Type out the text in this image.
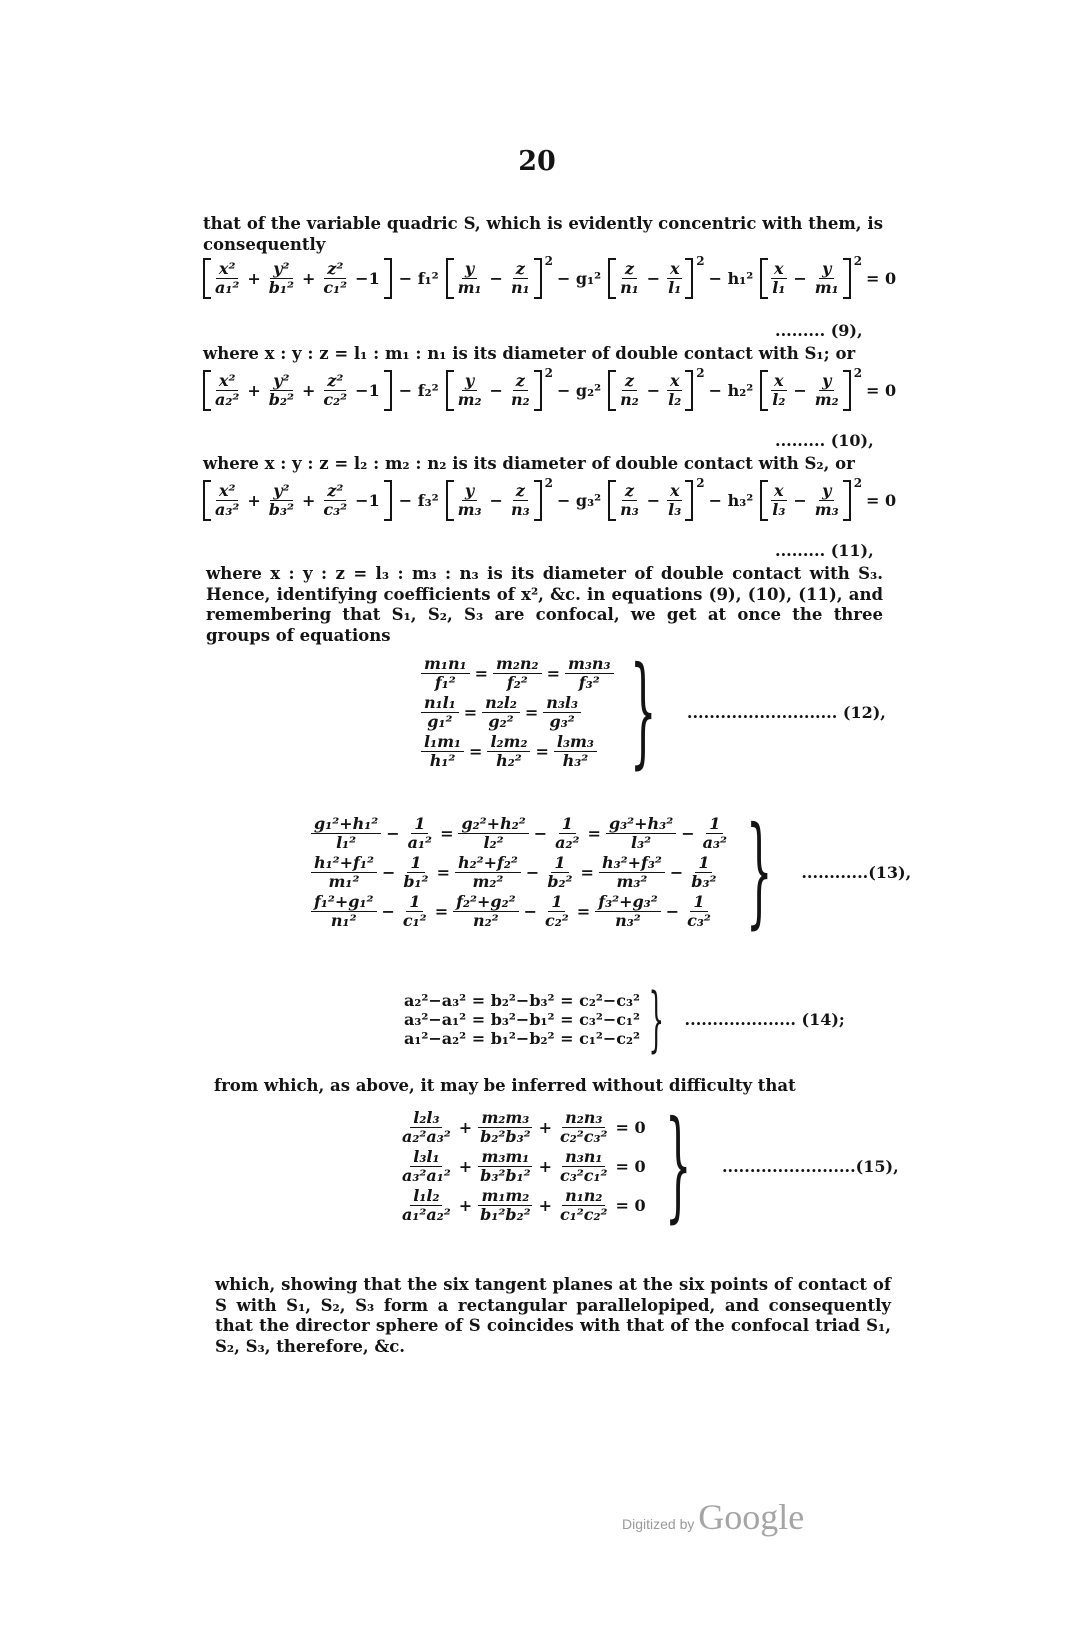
20
that of the variable quadric S, which is evidently concentric with them, is consequently
$\frac{\text{x²}}{\text{a₁²}} + \frac{\text{y²}}{\text{b₁²}} + \frac{\text{z²}}{\text{c₁²}} -1 - f_1^2 \frac{y}{\text{m₁}} - \frac{z}{\text{n₁}} 2$
− $g_1^2 \frac{z}{\text{n₁}} - \frac{x}{\text{l₁}} 2$
− $h_1^2 \frac{x}{\text{l₁}} - \frac{y}{\text{m₁}} 2$
= 0
......... (9),
where x : y : z = l₁ : m₁ : n₁ is its diameter of double contact with S₁; or
$\frac{\text{x²}}{\text{a₂²}} + \frac{\text{y²}}{\text{b₂²}} + \frac{\text{z²}}{\text{c₂²}} -1 - f_2^2 \frac{y}{\text{m₂}} - \frac{z}{\text{n₂}} 2$
− $g_2^2 \frac{z}{\text{n₂}} - \frac{x}{\text{l₂}} 2$
− $h_2^2 \frac{x}{\text{l₂}} - \frac{y}{\text{m₂}} 2$
= 0
......... (10),
where x : y : z = l₂ : m₂ : n₂ is its diameter of double contact with S₂, or
$\frac{\text{x²}}{\text{a₃²}} + \frac{\text{y²}}{\text{b₃²}} + \frac{\text{z²}}{\text{c₃²}} -1 - f_3^2 \frac{y}{\text{m₃}} - \frac{z}{\text{n₃}} 2$
− $g_3^2 \frac{z}{\text{n₃}} - \frac{x}{\text{l₃}} 2$
− $h_3^2 \frac{x}{\text{l₃}} - \frac{y}{\text{m₃}} 2$
= 0
......... (11),
where x : y : z = l₃ : m₃ : n₃ is its diameter of double contact with S₃. Hence, identifying coefficients of x², &c. in equations (9), (10), (11), and remembering that S₁, S₂, S₃ are confocal, we get at once the three groups of equations
$\frac{\text{m₁n₁}}{\text{f₁²}} = \frac{\text{m₂n₂}}{\text{f₂²}} = \frac{\text{m₃n₃}}{\text{f₃²}}$
$\frac{\text{n₁l₁}}{\text{g₁²}} = \frac{\text{n₂l₂}}{\text{g₂²}} = \frac{\text{n₃l₃}}{\text{g₃²}}$
$\frac{\text{l₁m₁}}{\text{h₁²}} = \frac{\text{l₂m₂}}{\text{h₂²}} = \frac{\text{l₃m₃}}{\text{h₃²}}$ } ........................... (12),
$\frac{\text{g₁²+h₁²}}{\text{l₁²}} - \frac{1}{\text{a₁²}} = \frac{\text{g₂²+h₂²}}{\text{l₂²}} - \frac{1}{\text{a₂²}} = \frac{\text{g₃²+h₃²}}{\text{l₃²}} - \frac{1}{\text{a₃²}}$
$\frac{\text{h₁²+f₁²}}{\text{m₁²}} - \frac{1}{\text{b₁²}} = \frac{\text{h₂²+f₂²}}{\text{m₂²}} - \frac{1}{\text{b₂²}} = \frac{\text{h₃²+f₃²}}{\text{m₃²}} - \frac{1}{\text{b₃²}}$
$\frac{\text{f₁²+g₁²}}{\text{n₁²}} - \frac{1}{\text{c₁²}} = \frac{\text{f₂²+g₂²}}{\text{n₂²}} - \frac{1}{\text{c₂²}} = \frac{\text{f₃²+g₃²}}{\text{n₃²}} - \frac{1}{\text{c₃²}}$ } ............(13),
a₂²−a₃² = b₂²−b₃² = c₂²−c₃²
a₃²−a₁² = b₃²−b₁² = c₃²−c₁²
a₁²−a₂² = b₁²−b₂² = c₁²−c₂² } .................... (14);
from which, as above, it may be inferred without difficulty that
$\frac{\text{l₂l₃}}{\text{a₂²a₃²}} + \frac{\text{m₂m₃}}{\text{b₂²b₃²}} + \frac{\text{n₂n₃}}{\text{c₂²c₃²}} = 0$
$\frac{\text{l₃l₁}}{\text{a₃²a₁²}} + \frac{\text{m₃m₁}}{\text{b₃²b₁²}} + \frac{\text{n₃n₁}}{\text{c₃²c₁²}} = 0$
$\frac{\text{l₁l₂}}{\text{a₁²a₂²}} + \frac{\text{m₁m₂}}{\text{b₁²b₂²}} + \frac{\text{n₁n₂}}{\text{c₁²c₂²}} = 0$ } ........................(15),
which, showing that the six tangent planes at the six points of contact of S with S₁, S₂, S₃ form a rectangular parallelopiped, and consequently that the director sphere of S coincides with that of the confocal triad S₁, S₂, S₃, therefore, &c.
Digitized by Google
